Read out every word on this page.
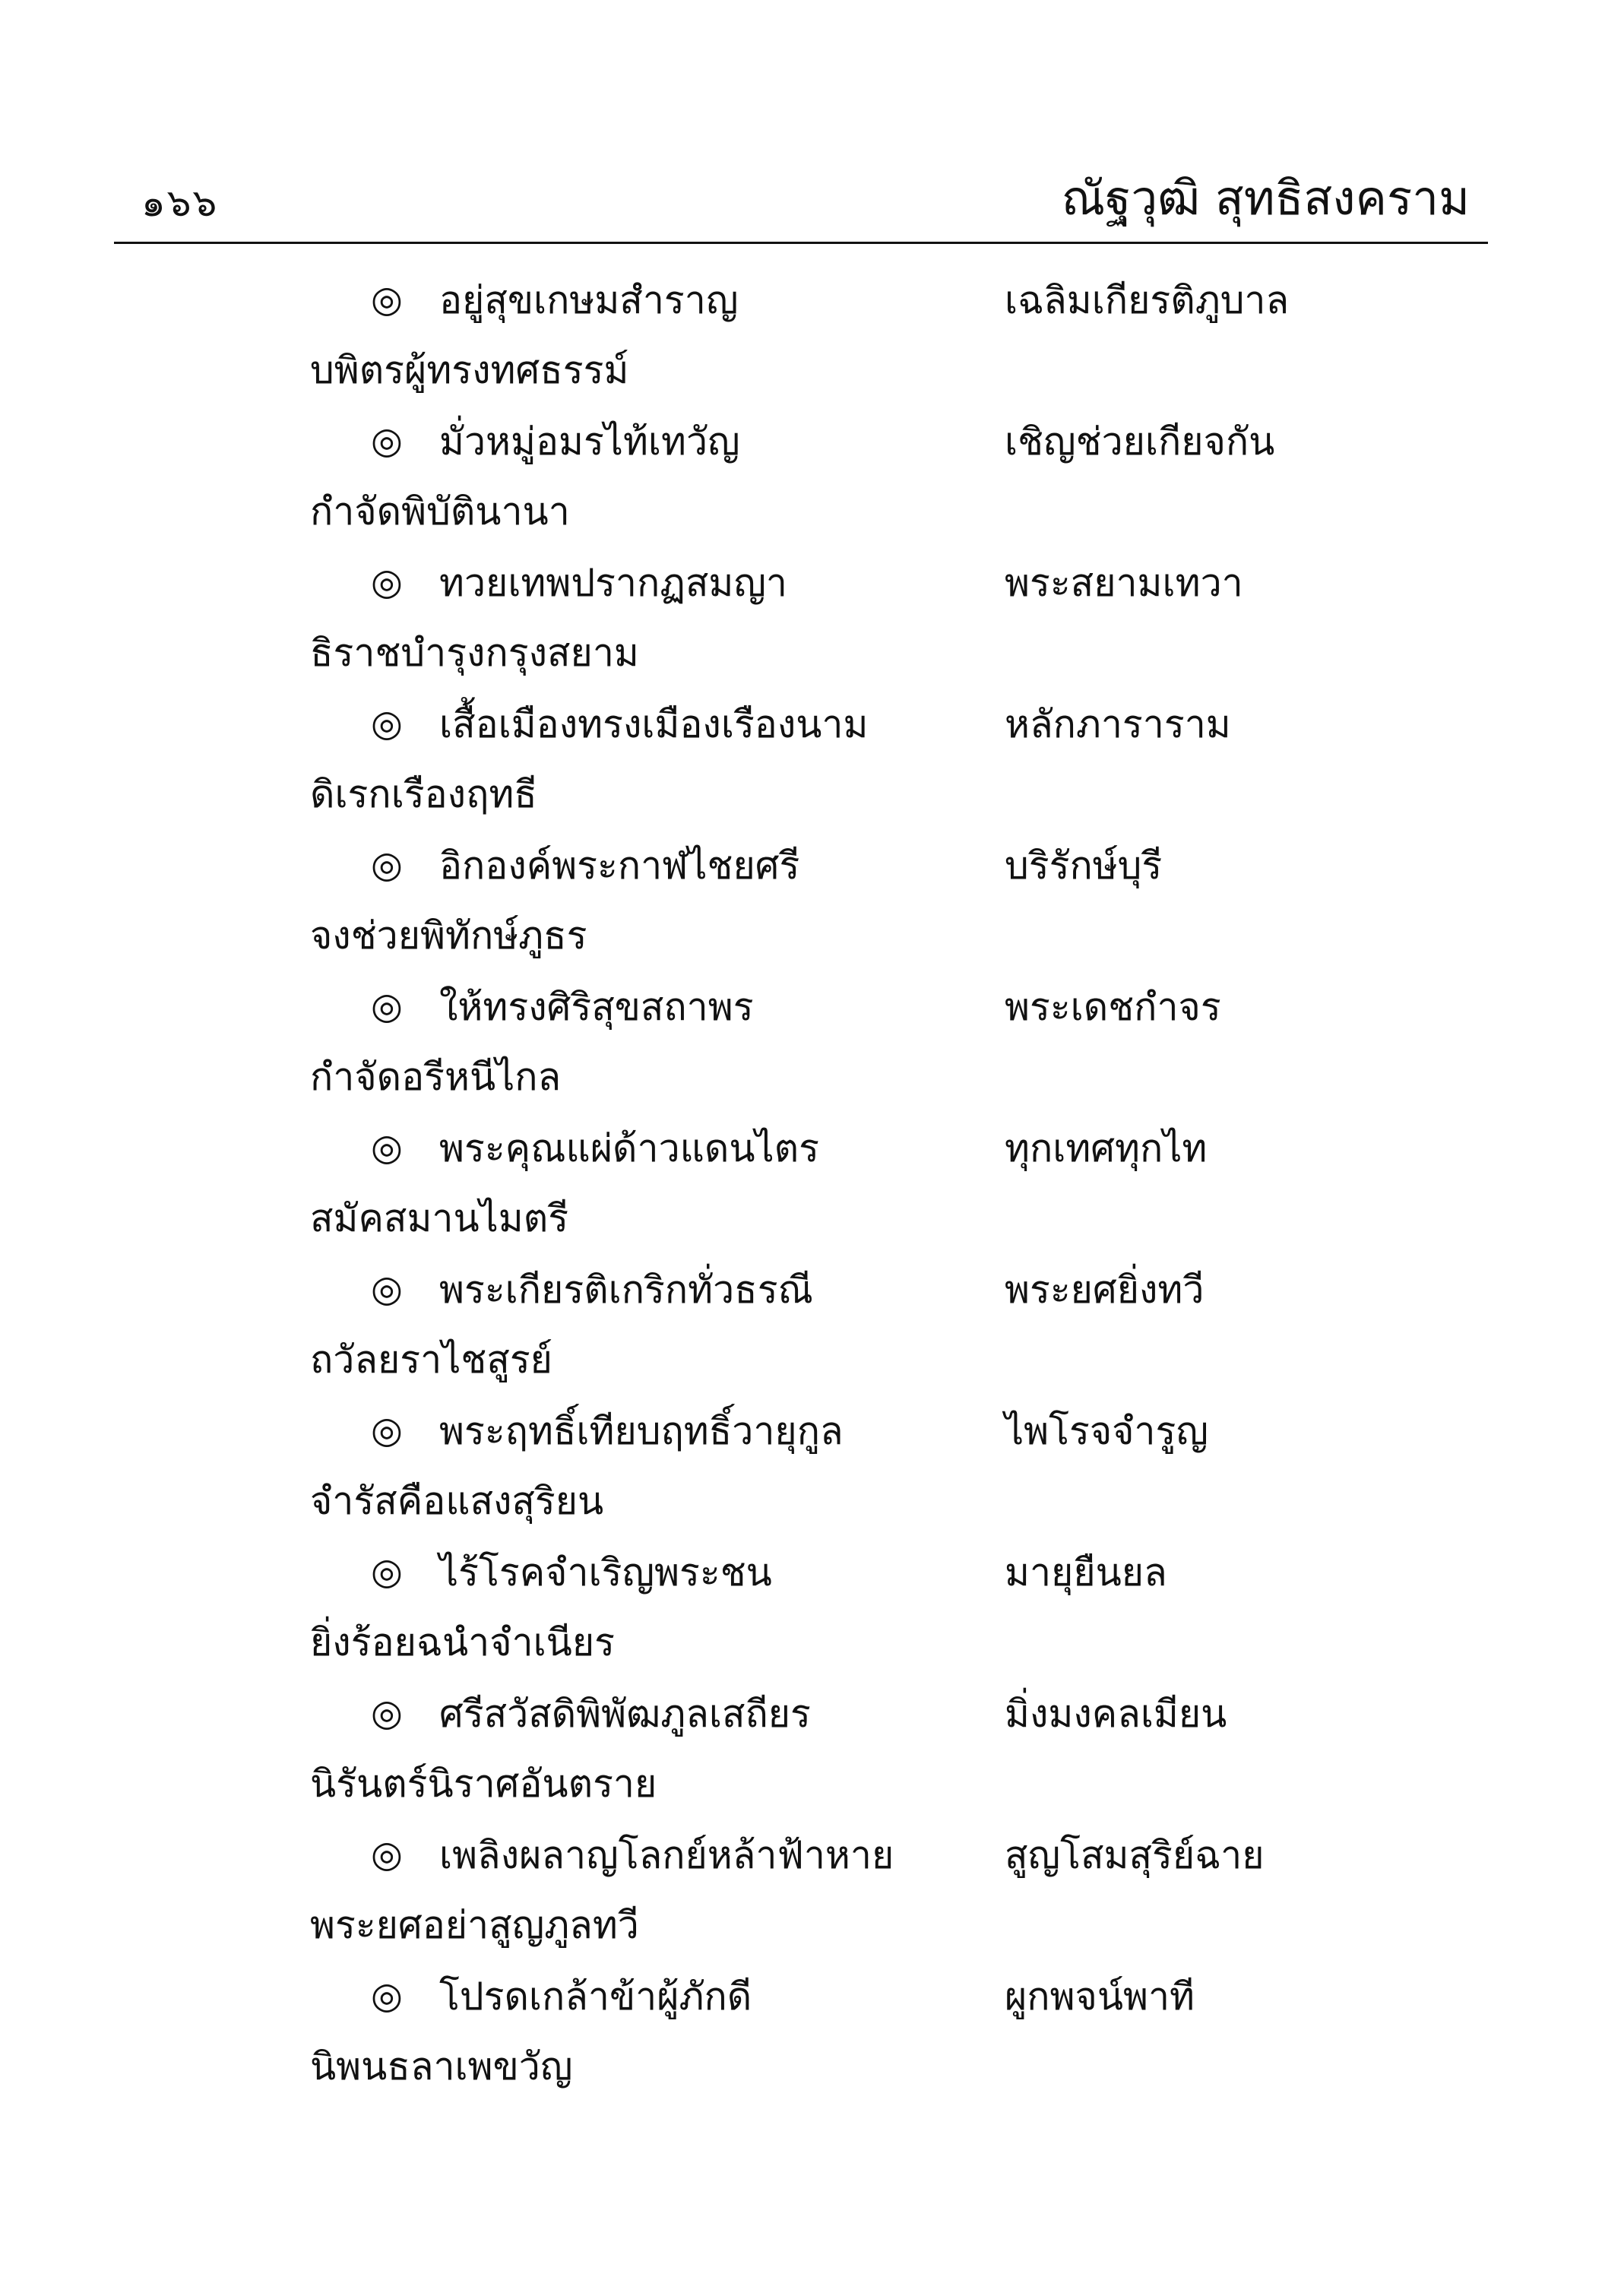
๑๖๖	ณัฐวุฒิ สุทธิสงคราม
◎ อยู่สุขเกษมสำราญ	เฉลิมเกียรติภูบาล
บพิตรผู้ทรงทศธรรม์
◎ มั่วหมู่อมรไท้เทวัญ	เชิญช่วยเกียจกัน
กำจัดพิบัตินานา
◎ ทวยเทพปรากฏสมญา	พระสยามเทวา
ธิราชบำรุงกรุงสยาม
◎ เสื้อเมืองทรงเมืองเรืองนาม	หลักภาราราม
ดิเรกเรืองฤทธี
◎ อิกองค์พระกาฬไชยศรี	บริรักษ์บุรี
จงช่วยพิทักษ์ภูธร
◎ ให้ทรงศิริสุขสถาพร	พระเดชกำจร
กำจัดอรีหนีไกล
◎ พระคุณแผ่ด้าวแดนไตร	ทุกเทศทุกไท
สมัคสมานไมตรี
◎ พระเกียรติเกริกทั่วธรณี	พระยศยิ่งทวี
ถวัลยราไชสูรย์
◎ พระฤทธิ์เทียบฤทธิ์วายุกูล	ไพโรจจำรูญ
จำรัสคือแสงสุริยน
◎ ไร้โรคจำเริญพระชน	มายุยืนยล
ยิ่งร้อยฉนำจำเนียร
◎ ศรีสวัสดิพิพัฒภูลเสถียร	มิ่งมงคลเมียน
นิรันตร์นิราศอันตราย
◎ เพลิงผลาญโลกย์หล้าฟ้าหาย	สูญโสมสุริย์ฉาย
พระยศอย่าสูญภูลทวี
◎ โปรดเกล้าข้าผู้ภักดี	ผูกพจน์พาที
นิพนธลาเพขวัญ
